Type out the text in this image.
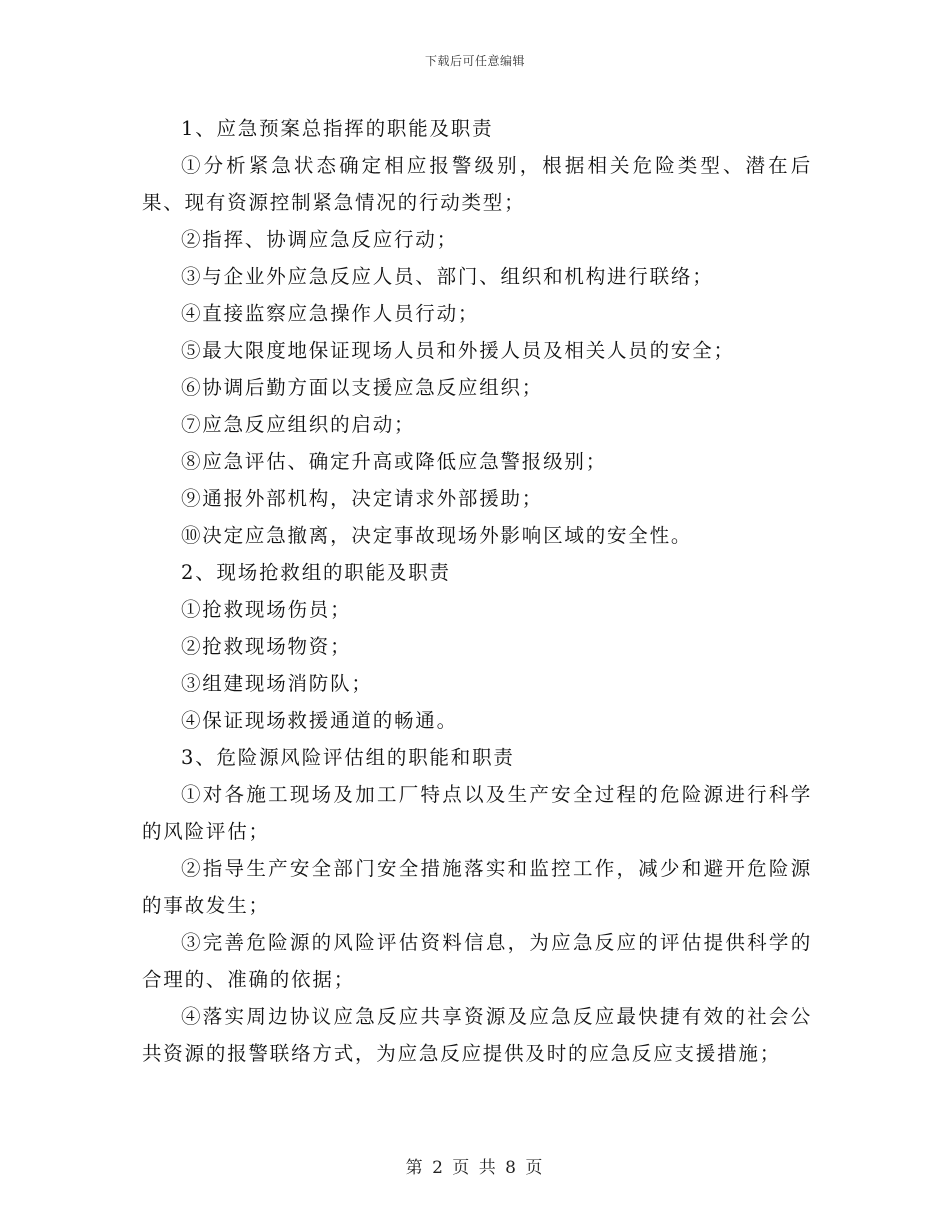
下载后可任意编辑

1、应急预案总指挥的职能及职责

①分析紧急状态确定相应报警级别，根据相关危险类型、潜在后果、现有资源控制紧急情况的行动类型；

②指挥、协调应急反应行动；

③与企业外应急反应人员、部门、组织和机构进行联络；

④直接监察应急操作人员行动；

⑤最大限度地保证现场人员和外援人员及相关人员的安全；

⑥协调后勤方面以支援应急反应组织；

⑦应急反应组织的启动；

⑧应急评估、确定升高或降低应急警报级别；

⑨通报外部机构，决定请求外部援助；

⑩决定应急撤离，决定事故现场外影响区域的安全性。

2、现场抢救组的职能及职责

①抢救现场伤员；

②抢救现场物资；

③组建现场消防队；

④保证现场救援通道的畅通。

3、危险源风险评估组的职能和职责

①对各施工现场及加工厂特点以及生产安全过程的危险源进行科学的风险评估；

②指导生产安全部门安全措施落实和监控工作，减少和避开危险源的事故发生；

③完善危险源的风险评估资料信息，为应急反应的评估提供科学的合理的、准确的依据；

④落实周边协议应急反应共享资源及应急反应最快捷有效的社会公共资源的报警联络方式，为应急反应提供及时的应急反应支援措施；

第 2 页 共 8 页
